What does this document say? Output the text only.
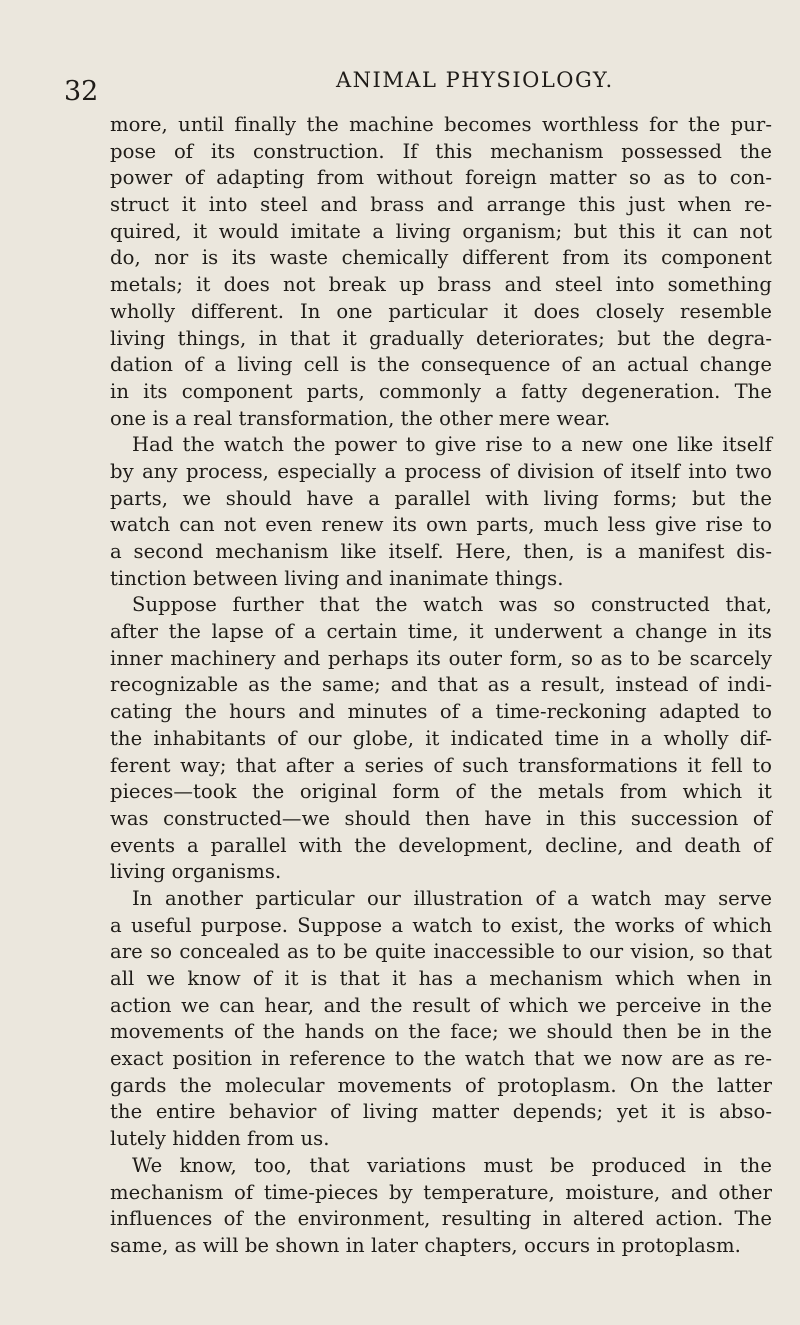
32	ANIMAL PHYSIOLOGY.
more, until finally the machine becomes worthless for the pur-
pose of its construction. If this mechanism possessed the
power of adapting from without foreign matter so as to con-
struct it into steel and brass and arrange this just when re-
quired, it would imitate a living organism; but this it can not
do, nor is its waste chemically different from its component
metals; it does not break up brass and steel into something
wholly different. In one particular it does closely resemble
living things, in that it gradually deteriorates; but the degra-
dation of a living cell is the consequence of an actual change
in its component parts, commonly a fatty degeneration. The
one is a real transformation, the other mere wear.
Had the watch the power to give rise to a new one like itself
by any process, especially a process of division of itself into two
parts, we should have a parallel with living forms; but the
watch can not even renew its own parts, much less give rise to
a second mechanism like itself. Here, then, is a manifest dis-
tinction between living and inanimate things.
Suppose further that the watch was so constructed that,
after the lapse of a certain time, it underwent a change in its
inner machinery and perhaps its outer form, so as to be scarcely
recognizable as the same; and that as a result, instead of indi-
cating the hours and minutes of a time-reckoning adapted to
the inhabitants of our globe, it indicated time in a wholly dif-
ferent way; that after a series of such transformations it fell to
pieces—took the original form of the metals from which it
was constructed—we should then have in this succession of
events a parallel with the development, decline, and death of
living organisms.
In another particular our illustration of a watch may serve
a useful purpose. Suppose a watch to exist, the works of which
are so concealed as to be quite inaccessible to our vision, so that
all we know of it is that it has a mechanism which when in
action we can hear, and the result of which we perceive in the
movements of the hands on the face; we should then be in the
exact position in reference to the watch that we now are as re-
gards the molecular movements of protoplasm. On the latter
the entire behavior of living matter depends; yet it is abso-
lutely hidden from us.
We know, too, that variations must be produced in the
mechanism of time-pieces by temperature, moisture, and other
influences of the environment, resulting in altered action. The
same, as will be shown in later chapters, occurs in protoplasm.
